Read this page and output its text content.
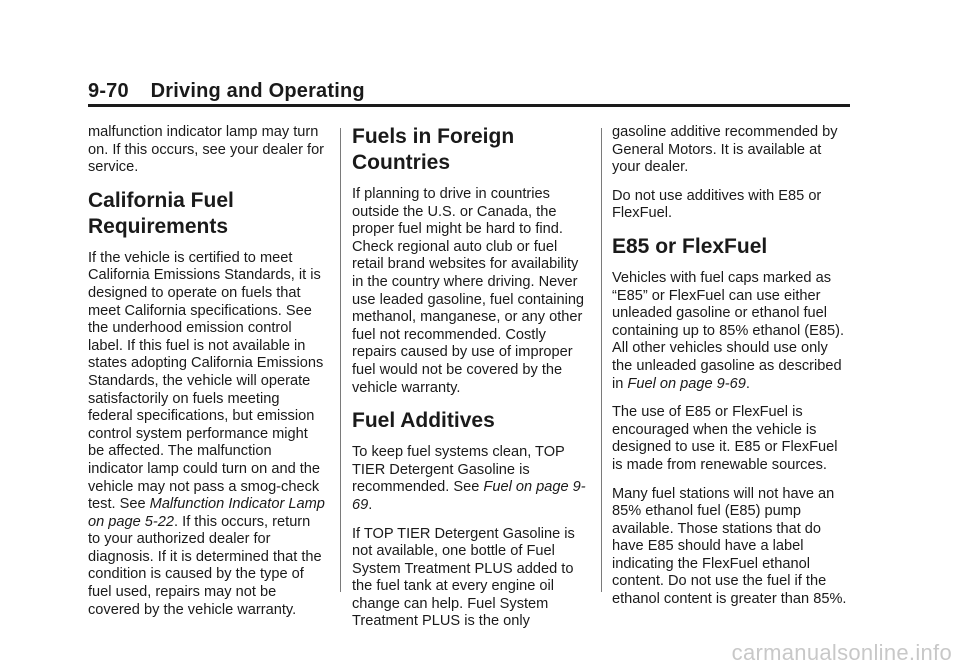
9-70 Driving and Operating

malfunction indicator lamp may turn on. If this occurs, see your dealer for service.

California Fuel Requirements

If the vehicle is certified to meet California Emissions Standards, it is designed to operate on fuels that meet California specifications. See the underhood emission control label. If this fuel is not available in states adopting California Emissions Standards, the vehicle will operate satisfactorily on fuels meeting federal specifications, but emission control system performance might be affected. The malfunction indicator lamp could turn on and the vehicle may not pass a smog-check test. See Malfunction Indicator Lamp on page 5-22. If this occurs, return to your authorized dealer for diagnosis. If it is determined that the condition is caused by the type of fuel used, repairs may not be covered by the vehicle warranty.

Fuels in Foreign Countries

If planning to drive in countries outside the U.S. or Canada, the proper fuel might be hard to find. Check regional auto club or fuel retail brand websites for availability in the country where driving. Never use leaded gasoline, fuel containing methanol, manganese, or any other fuel not recommended. Costly repairs caused by use of improper fuel would not be covered by the vehicle warranty.

Fuel Additives

To keep fuel systems clean, TOP TIER Detergent Gasoline is recommended. See Fuel on page 9-69.

If TOP TIER Detergent Gasoline is not available, one bottle of Fuel System Treatment PLUS added to the fuel tank at every engine oil change can help. Fuel System Treatment PLUS is the only

gasoline additive recommended by General Motors. It is available at your dealer.

Do not use additives with E85 or FlexFuel.

E85 or FlexFuel

Vehicles with fuel caps marked as “E85” or FlexFuel can use either unleaded gasoline or ethanol fuel containing up to 85% ethanol (E85). All other vehicles should use only the unleaded gasoline as described in Fuel on page 9-69.

The use of E85 or FlexFuel is encouraged when the vehicle is designed to use it. E85 or FlexFuel is made from renewable sources.

Many fuel stations will not have an 85% ethanol fuel (E85) pump available. Those stations that do have E85 should have a label indicating the FlexFuel ethanol content. Do not use the fuel if the ethanol content is greater than 85%.

carmanualsonline.info
